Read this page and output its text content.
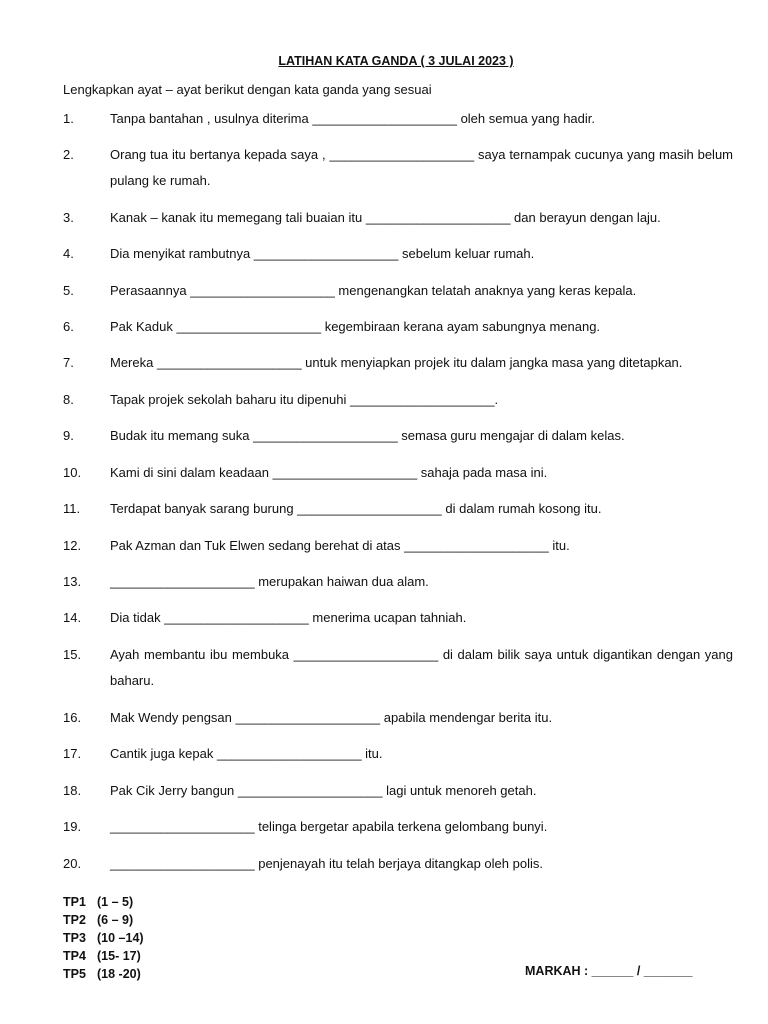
LATIHAN KATA GANDA ( 3 JULAI 2023 )
Lengkapkan ayat – ayat berikut dengan kata ganda yang sesuai
1.	Tanpa bantahan , usulnya diterima ____________________ oleh semua yang hadir.
2.	Orang tua itu bertanya kepada saya , ____________________ saya ternampak cucunya yang masih belum pulang ke rumah.
3.	Kanak – kanak itu memegang tali buaian itu ____________________ dan berayun dengan laju.
4.	Dia menyikat rambutnya ____________________ sebelum keluar rumah.
5.	Perasaannya ____________________ mengenangkan telatah anaknya yang keras kepala.
6.	Pak Kaduk ____________________ kegembiraan kerana ayam sabungnya menang.
7.	Mereka ____________________ untuk menyiapkan projek itu dalam jangka masa yang ditetapkan.
8.	Tapak projek sekolah baharu itu dipenuhi ____________________.
9.	Budak itu memang suka ____________________ semasa guru mengajar di dalam kelas.
10. Kami di sini dalam keadaan ____________________ sahaja pada masa ini.
11. Terdapat banyak sarang burung ____________________ di dalam rumah kosong itu.
12. Pak Azman dan Tuk Elwen sedang berehat di atas ____________________ itu.
13. ____________________ merupakan haiwan dua alam.
14. Dia tidak ____________________ menerima ucapan tahniah.
15. Ayah membantu ibu membuka ____________________ di dalam bilik saya untuk digantikan dengan yang baharu.
16. Mak Wendy pengsan ____________________ apabila mendengar berita itu.
17. Cantik juga kepak ____________________ itu.
18. Pak Cik Jerry bangun ____________________ lagi untuk menoreh getah.
19. ____________________ telinga bergetar apabila terkena gelombang bunyi.
20. ____________________ penjenayah itu telah berjaya ditangkap oleh polis.
TP1 (1 – 5)
TP2 (6 – 9)
TP3 (10 –14)
TP4 (15- 17)
TP5 (18 -20)	MARKAH : ______ / _______
